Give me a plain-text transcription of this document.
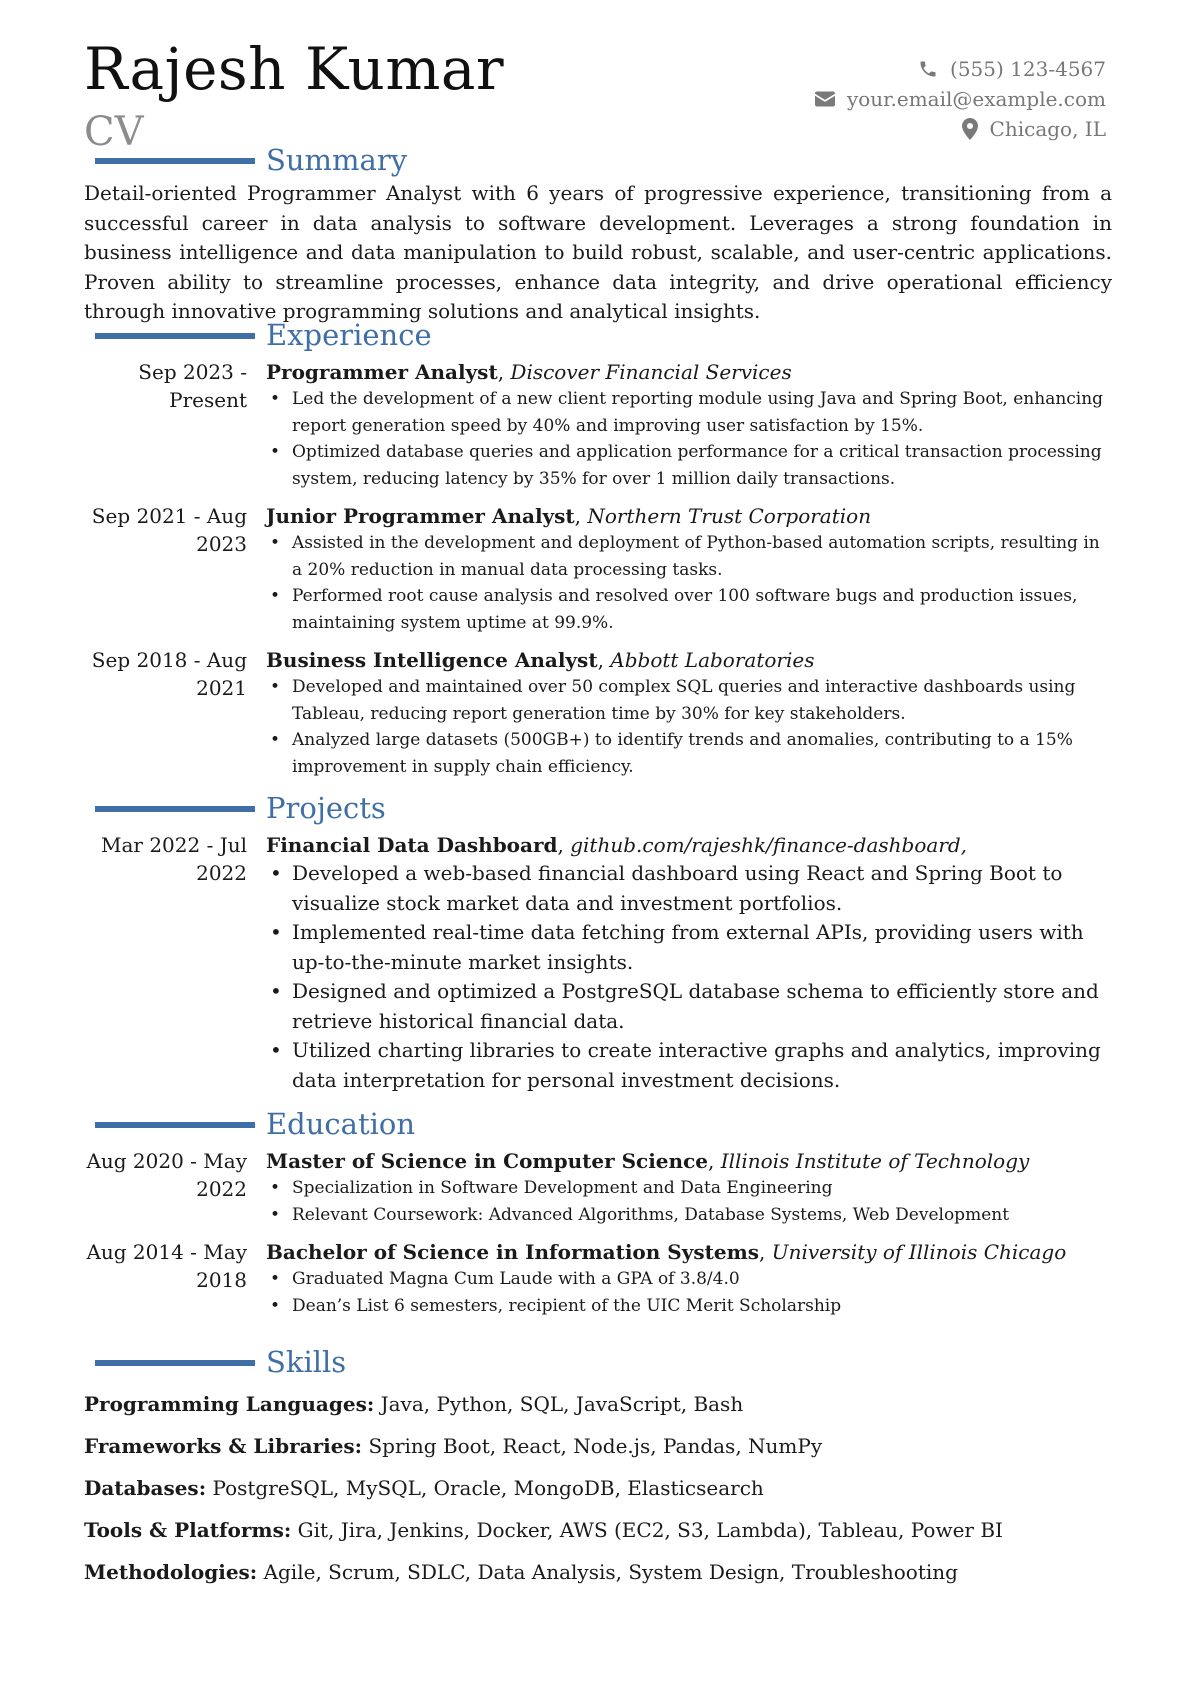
Rajesh Kumar
CV
(555) 123-4567
your.email@example.com
Chicago, IL
Summary
Detail-oriented Programmer Analyst with 6 years of progressive experience, transitioning from a successful career in data analysis to software development. Leverages a strong foundation in business intelligence and data manipulation to build robust, scalable, and user-centric applications. Proven ability to streamline processes, enhance data integrity, and drive operational efficiency through innovative programming solutions and analytical insights.
Experience
Sep 2023 - Present
Programmer Analyst, Discover Financial Services
• Led the development of a new client reporting module using Java and Spring Boot, enhancing report generation speed by 40% and improving user satisfaction by 15%.
• Optimized database queries and application performance for a critical transaction processing system, reducing latency by 35% for over 1 million daily transactions.
Sep 2021 - Aug 2023
Junior Programmer Analyst, Northern Trust Corporation
• Assisted in the development and deployment of Python-based automation scripts, resulting in a 20% reduction in manual data processing tasks.
• Performed root cause analysis and resolved over 100 software bugs and production issues, maintaining system uptime at 99.9%.
Sep 2018 - Aug 2021
Business Intelligence Analyst, Abbott Laboratories
• Developed and maintained over 50 complex SQL queries and interactive dashboards using Tableau, reducing report generation time by 30% for key stakeholders.
• Analyzed large datasets (500GB+) to identify trends and anomalies, contributing to a 15% improvement in supply chain efficiency.
Projects
Mar 2022 - Jul 2022
Financial Data Dashboard, github.com/rajeshk/finance-dashboard,
• Developed a web-based financial dashboard using React and Spring Boot to visualize stock market data and investment portfolios.
• Implemented real-time data fetching from external APIs, providing users with up-to-the-minute market insights.
• Designed and optimized a PostgreSQL database schema to efficiently store and retrieve historical financial data.
• Utilized charting libraries to create interactive graphs and analytics, improving data interpretation for personal investment decisions.
Education
Aug 2020 - May 2022
Master of Science in Computer Science, Illinois Institute of Technology
• Specialization in Software Development and Data Engineering
• Relevant Coursework: Advanced Algorithms, Database Systems, Web Development
Aug 2014 - May 2018
Bachelor of Science in Information Systems, University of Illinois Chicago
• Graduated Magna Cum Laude with a GPA of 3.8/4.0
• Dean’s List 6 semesters, recipient of the UIC Merit Scholarship
Skills
Programming Languages: Java, Python, SQL, JavaScript, Bash
Frameworks & Libraries: Spring Boot, React, Node.js, Pandas, NumPy
Databases: PostgreSQL, MySQL, Oracle, MongoDB, Elasticsearch
Tools & Platforms: Git, Jira, Jenkins, Docker, AWS (EC2, S3, Lambda), Tableau, Power BI
Methodologies: Agile, Scrum, SDLC, Data Analysis, System Design, Troubleshooting
